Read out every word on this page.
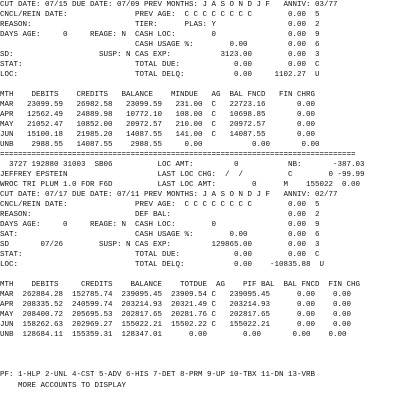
CUT DATE: 07/15 DUE DATE: 07/09 PREV MONTHS: J A S O N D J F   ANNIV: 03/77
CNCL/REIN DATE:               PREV AGE:  C C C C C C C C        0.00  5
REASON:                       TIER:      PLAS: Y                0.00  2
DAYS AGE:     0     REAGE: N  CASH LOC:        0                0.00  9
CASH USAGE %:        0.00         0.00  6
SD:                   SUSP: N CAS EXP:           3123.00        0.00  3
STAT:                         TOTAL DUE:            0.00        0.00  C
LOC:                          TOTAL DELQ:           0.00     1102.27  U
MTH    DEBITS    CREDITS   BALANCE    MINDUE   AG  BAL FNCD   FIN CHRG
MAR   23099.59   26982.58   23099.59   231.00  C   22723.16       0.00
APR   12562.49   24889.98   10772.10   108.00  C   10698.85       0.00
MAY   21052.47   10852.00   20972.57   210.00  C   20972.57       0.00
JUN   15100.18   21985.20   14087.55   141.00  C   14087.55       0.00
UNB    2988.55   14087.55    2988.55     0.00           0.00       0.00
===============================================================================
3727 192880 31003  SB06          LOC AMT:         0           NB:       -387.03
JEFFREY EPSTEIN                    LAST LOC CHG:  /  /          C        0 -99.99
WROC TRI PLUM 1.0 FOR F6D          LAST LOC AMT:        0      M    155022  0.00
CUT DATE: 07/17 DUE DATE: 07/11 PREV MONTHS: J A S O N D J F   ANNIV: 02/77
CNCL/REIN DATE:               PREV AGE:  C C C C C C C C        0.00  5
REASON:                       DEF BAL:                          0.00  2
DAYS AGE:     0     REAGE: N  CASH LOC:        0                0.00  9
SAT:                          CASH USAGE %:        0.00         0.00  6
SD       07/26        SUSP: N CAS EXP:         129865.00        0.00  3
STAT:                         TOTAL DUE:            0.00        0.00  C
LOC:                          TOTAL DELQ:           0.00    -10835.88  U
MTH    DEBITS     CREDITS    BALANCE    TOTDUE  AG    PIF BAL  BAL FNCD  FIN CHG
MAR  262884.28  152785.74  239095.45  23909.54 C   239095.45      0.00    0.00
APR  208335.52  240599.74  203214.93  20321.49 C   203214.93      0.00    0.00
MAY  208400.72  205695.53  202817.65  20281.76 C   202817.65      0.00    0.00
JUN  158262.63  202969.27  155022.21  15502.22 C   155022.21      0.00    0.00
UNB  128684.11  155359.31  128347.01      0.00        0.00       0.00    0.00
PF: 1-HLP 2-UNL 4-CST 5-ADV 6-HIS 7-DET 8-PRM 9-UP 10-TBX 11-DN 13-VRB
MORE ACCOUNTS TO DISPLAY
